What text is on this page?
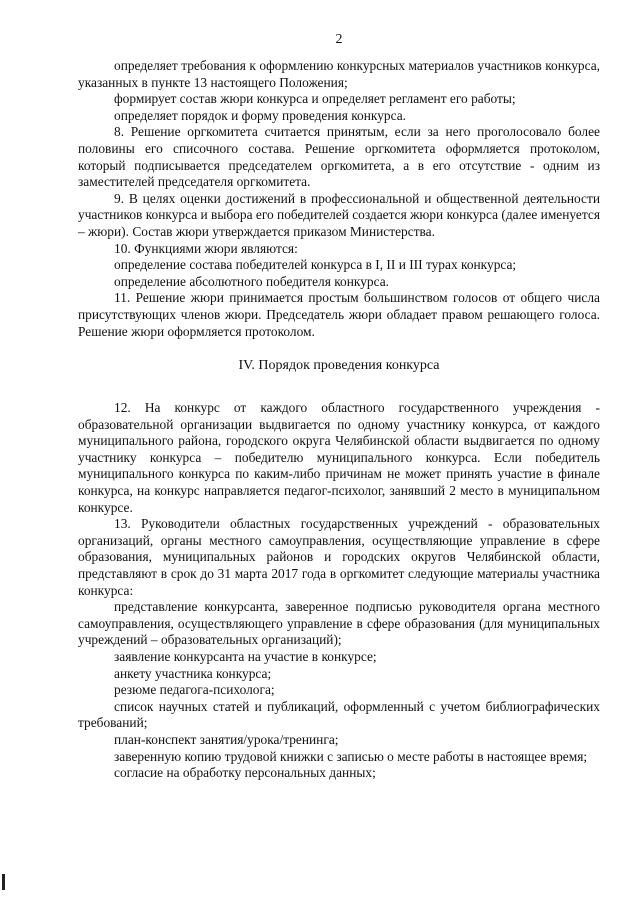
2

определяет требования к оформлению конкурсных материалов участников конкурса, указанных в пункте 13 настоящего Положения;

формирует состав жюри конкурса и определяет регламент его работы;

определяет порядок и форму проведения конкурса.

8. Решение оргкомитета считается принятым, если за него проголосовало более половины его списочного состава. Решение оргкомитета оформляется протоколом, который подписывается председателем оргкомитета, а в его отсутствие - одним из заместителей председателя оргкомитета.

9. В целях оценки достижений в профессиональной и общественной деятельности участников конкурса и выбора его победителей создается жюри конкурса (далее именуется – жюри). Состав жюри утверждается приказом Министерства.

10. Функциями жюри являются:

определение состава победителей конкурса в I, II и III турах конкурса;

определение абсолютного победителя конкурса.

11. Решение жюри принимается простым большинством голосов от общего числа присутствующих членов жюри. Председатель жюри обладает правом решающего голоса. Решение жюри оформляется протоколом.

IV. Порядок проведения конкурса

12. На конкурс от каждого областного государственного учреждения - образовательной организации выдвигается по одному участнику конкурса, от каждого муниципального района, городского округа Челябинской области выдвигается по одному участнику конкурса – победителю муниципального конкурса. Если победитель муниципального конкурса по каким-либо причинам не может принять участие в финале конкурса, на конкурс направляется педагог-психолог, занявший 2 место в муниципальном конкурсе.

13. Руководители областных государственных учреждений - образовательных организаций, органы местного самоуправления, осуществляющие управление в сфере образования, муниципальных районов и городских округов Челябинской области, представляют в срок до 31 марта 2017 года в оргкомитет следующие материалы участника конкурса:

представление конкурсанта, заверенное подписью руководителя органа местного самоуправления, осуществляющего управление в сфере образования (для муниципальных учреждений – образовательных организаций);

заявление конкурсанта на участие в конкурсе;

анкету участника конкурса;

резюме педагога-психолога;

список научных статей и публикаций, оформленный с учетом библиографических требований;

план-конспект занятия/урока/тренинга;

заверенную копию трудовой книжки с записью о месте работы в настоящее время;

согласие на обработку персональных данных;
